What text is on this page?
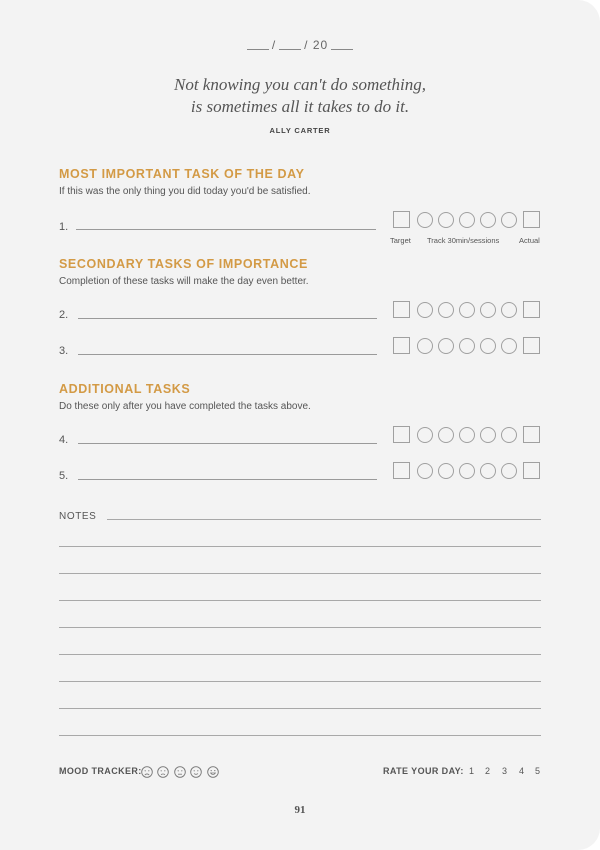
/ / 20
Not knowing you can't do something,
is sometimes all it takes to do it.
ALLY CARTER
MOST IMPORTANT TASK OF THE DAY
If this was the only thing you did today you'd be satisfied.
1.
Target Track 30min/sessions	Actual
SECONDARY TASKS OF IMPORTANCE
Completion of these tasks will make the day even better.
2.
3.
ADDITIONAL TASKS
Do these only after you have completed the tasks above.
4.
5.
NOTES
MOOD TRACKER:	RATE YOUR DAY: 1 2 3 4 5
91
